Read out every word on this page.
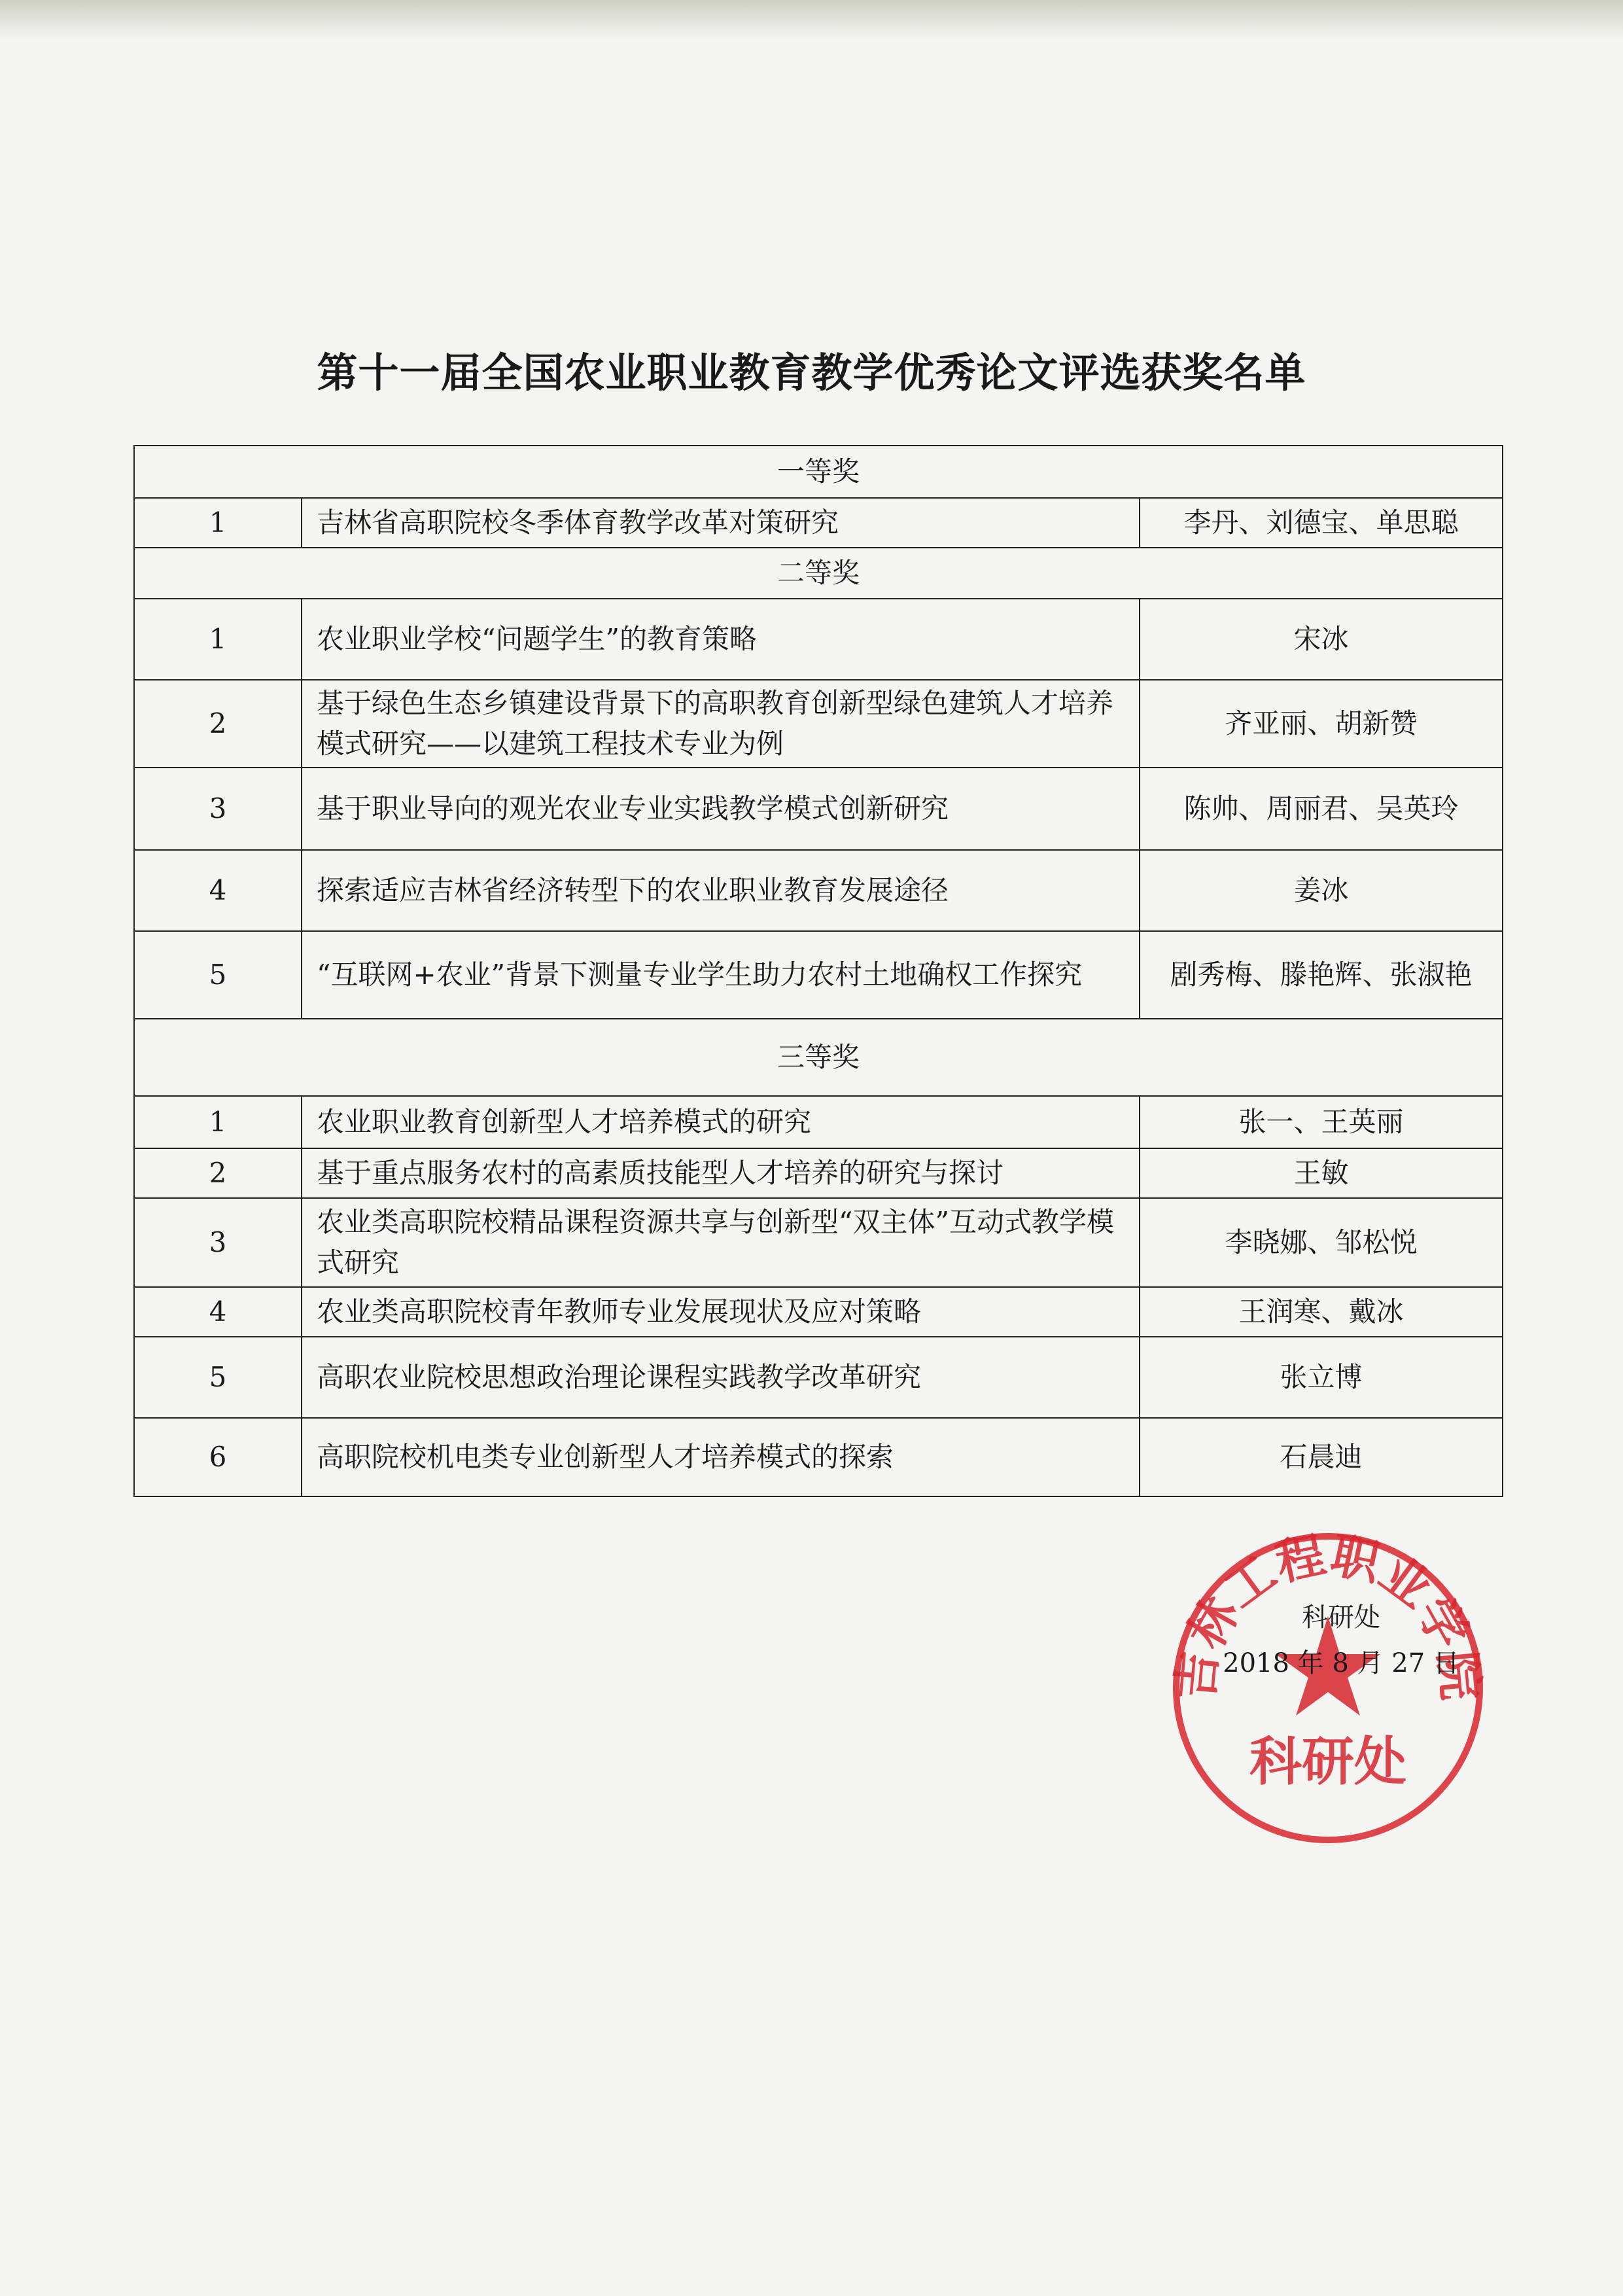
第十一届全国农业职业教育教学优秀论文评选获奖名单
一等奖		
1	吉林省高职院校冬季体育教学改革对策研究	李丹、刘德宝、单思聪
二等奖		
1	农业职业学校“问题学生”的教育策略	宋冰
2	基于绿色生态乡镇建设背景下的高职教育创新型绿色建筑人才培养模式研究——以建筑工程技术专业为例	齐亚丽、胡新赞
3	基于职业导向的观光农业专业实践教学模式创新研究	陈帅、周丽君、吴英玲
4	探索适应吉林省经济转型下的农业职业教育发展途径	姜冰
5	“互联网+农业”背景下测量专业学生助力农村土地确权工作探究	剧秀梅、滕艳辉、张淑艳
三等奖		
1	农业职业教育创新型人才培养模式的研究	张一、王英丽
2	基于重点服务农村的高素质技能型人才培养的研究与探讨	王敏
3	农业类高职院校精品课程资源共享与创新型“双主体”互动式教学模式研究	李晓娜、邹松悦
4	农业类高职院校青年教师专业发展现状及应对策略	王润寒、戴冰
5	高职农业院校思想政治理论课程实践教学改革研究	张立博
6	高职院校机电类专业创新型人才培养模式的探索	石晨迪
吉林工程职业学院
科研处
科研处
2018 年 8 月 27 日
